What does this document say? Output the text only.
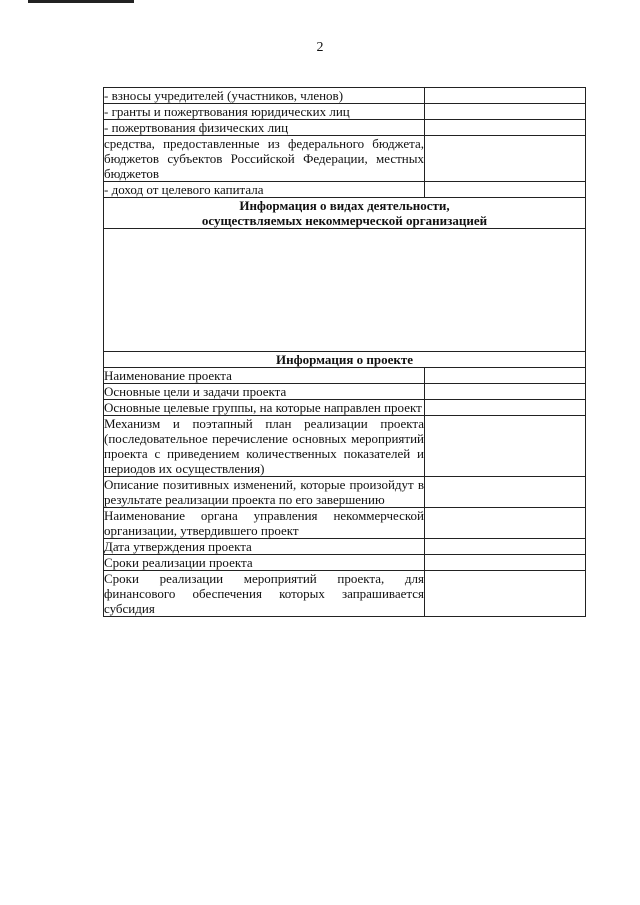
2
- взносы учредителей (участников, членов)	
- гранты и пожертвования юридических лиц	
- пожертвования физических лиц	
средства, предоставленные из федерального бюджета, бюджетов субъектов Российской Федерации, местных бюджетов	
- доход от целевого капитала	

Информация о видах деятельности,
осуществляемых некоммерческой организацией	

Информация о проекте	
Наименование проекта	
Основные цели и задачи проекта	
Основные целевые группы, на которые направлен проект	
Механизм и поэтапный план реализации проекта (последовательное перечисление основных мероприятий проекта с приведением количественных показателей и периодов их осуществления)	
Описание позитивных изменений, которые произойдут в результате реализации проекта по его завершению	
Наименование органа управления некоммерческой организации, утвердившего проект	
Дата утверждения проекта	
Сроки реализации проекта	
Сроки реализации мероприятий проекта, для финансового обеспечения которых запрашивается субсидия	
